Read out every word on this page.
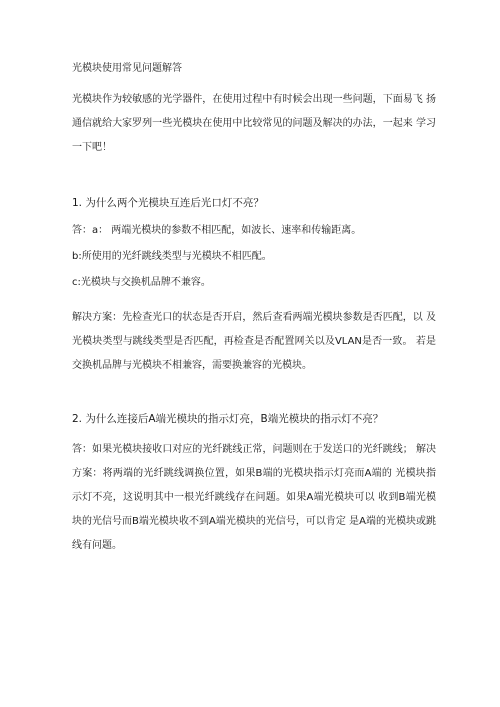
光模块使用常见问题解答

光模块作为较敏感的光学器件，在使用过程中有时候会出现一些问题，下面易飞 扬通信就给大家罗列一些光模块在使用中比较常见的问题及解决的办法，一起来 学习一下吧！

1. 为什么两个光模块互连后光口灯不亮？
答：a： 两端光模块的参数不相匹配，如波长、速率和传输距离。
b:所使用的光纤跳线类型与光模块不相匹配。
c:光模块与交换机品牌不兼容。

解决方案：先检查光口的状态是否开启，然后查看两端光模块参数是否匹配，以 及光模块类型与跳线类型是否匹配，再检查是否配置网关以及VLAN是否一致。 若是交换机品牌与光模块不相兼容，需要换兼容的光模块。

2. 为什么连接后A端光模块的指示灯亮，B端光模块的指示灯不亮？

答：如果光模块接收口对应的光纤跳线正常，问题则在于发送口的光纤跳线； 解决方案：将两端的光纤跳线调换位置，如果B端的光模块指示灯亮而A端的 光模块指示灯不亮，这说明其中一根光纤跳线存在问题。如果A端光模块可以 收到B端光模块的光信号而B端光模块收不到A端光模块的光信号，可以肯定 是A端的光模块或跳线有问题。
